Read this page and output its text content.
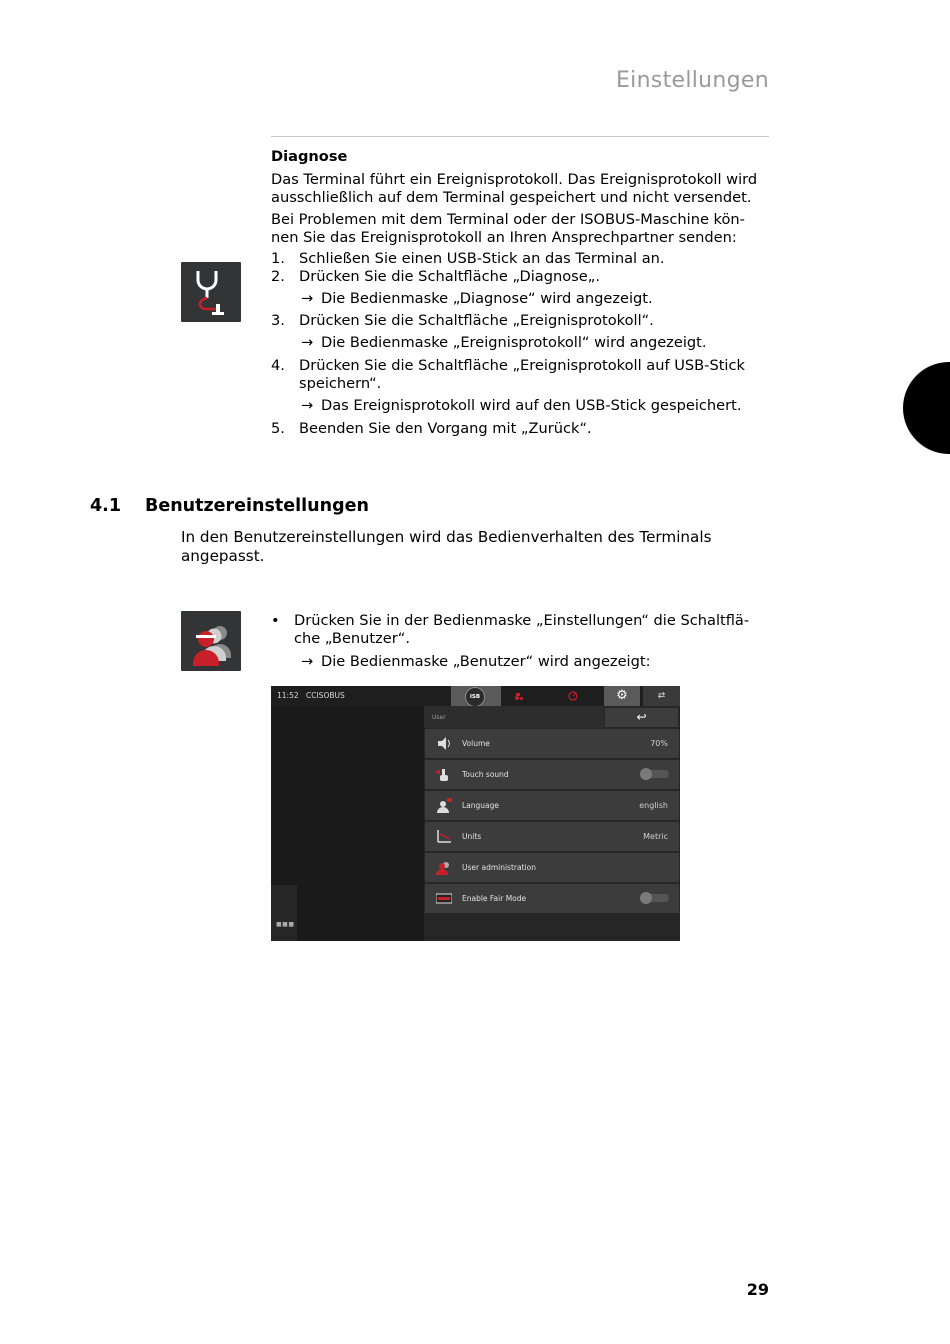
Einstellungen
Diagnose
Das Terminal führt ein Ereignisprotokoll. Das Ereignisprotokoll wird
ausschließlich auf dem Terminal gespeichert und nicht versendet.
Bei Problemen mit dem Terminal oder der ISOBUS-Maschine kön-
nen Sie das Ereignisprotokoll an Ihren Ansprechpartner senden:
1. Schließen Sie einen USB-Stick an das Terminal an.
2. Drücken Sie die Schaltfläche „Diagnose„.
→ Die Bedienmaske „Diagnose“ wird angezeigt.
3. Drücken Sie die Schaltfläche „Ereignisprotokoll“.
→ Die Bedienmaske „Ereignisprotokoll“ wird angezeigt.
4. Drücken Sie die Schaltfläche „Ereignisprotokoll auf USB-Stick
speichern“.
→ Das Ereignisprotokoll wird auf den USB-Stick gespeichert.
5. Beenden Sie den Vorgang mit „Zurück“.
4.1 Benutzereinstellungen
In den Benutzereinstellungen wird das Bedienverhalten des Terminals
angepasst.
• Drücken Sie in der Bedienmaske „Einstellungen“ die Schaltflä-
che „Benutzer“.
→ Die Bedienmaske „Benutzer“ wird angezeigt:
11:52 CCISOBUS	ISB	⚙	⇄
■■■
User	↩
Volume	70%
Touch sound
Language	english
Units	Metric
User administration
Enable Fair Mode
29
